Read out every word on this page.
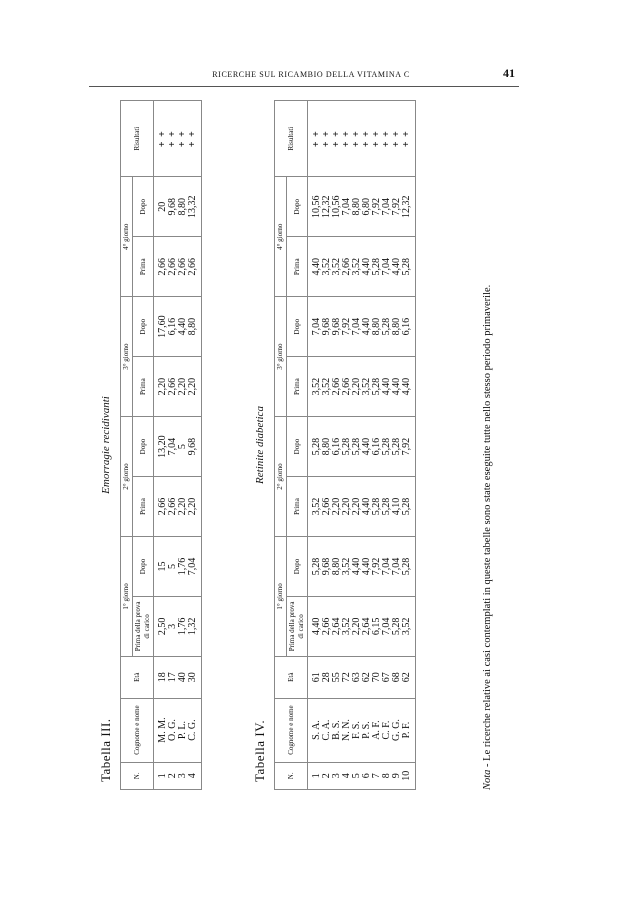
RICERCHE SUL RICAMBIO DELLA VITAMINA C	41
Tabella III.
Emorragie recidivanti
N.	Cognome e nome	Età	1° giorno		2° giorno		3° giorno		4° giorno		Risultati
			Prima della prova di carico	Dopo	Prima	Dopo	Prima	Dopo	Prima	Dopo	
1	M. M.	18	2,50	15	2,66	13,20	2,20	17,60	2,66	20	+ +
2	O. G.	17	3	5	2,66	7,04	2,66	6,16	2,66	9,68	+ +
3	P. L.	40	1,76	1,76	2,20	5	2,20	4,40	2,66	8,80	+ +
4	C. G.	30	1,32	7,04	2,20	9,68	2,20	8,80	2,66	13,32	+ +
Tabella IV.
Retinite diabetica
N.	Cognome e nome	Età	1° giorno		2° giorno		3° giorno		4° giorno		Risultati
			Prima della prova di carico	Dopo	Prima	Dopo	Prima	Dopo	Prima	Dopo	
1	S. A.	61	4,40	5,28	3,52	5,28	3,52	7,04	4,40	10,56	+ +
2	C. A.	28	2,66	9,68	2,66	8,80	3,52	9,68	3,52	12,32	+ +
3	B. S.	55	2,64	8,80	2,20	6,16	2,66	9,68	3,52	10,56	+ +
4	N. N.	72	3,52	3,52	2,20	5,28	2,66	7,92	2,66	7,04	+ +
5	F. S.	63	2,20	4,40	2,20	5,28	2,20	7,04	3,52	8,80	+ +
6	P. S.	62	2,64	4,40	4,40	4,40	3,52	4,40	4,40	6,80	+ +
7	A. F.	70	6,15	7,92	5,28	6,16	5,28	8,80	5,28	7,92	+ +
8	C. F.	67	7,04	7,04	5,28	5,28	4,40	5,28	7,04	7,04	+ +
9	G. G.	68	5,28	7,04	4,10	5,28	4,40	8,80	4,40	7,92	+ +
10	P. F.	62	3,52	5,28	5,28	7,92	4,40	6,16	5,28	12,32	+ +
Nota - Le ricerche relative ai casi contemplati in queste tabelle sono state eseguite tutte nello stesso periodo primaverile.
